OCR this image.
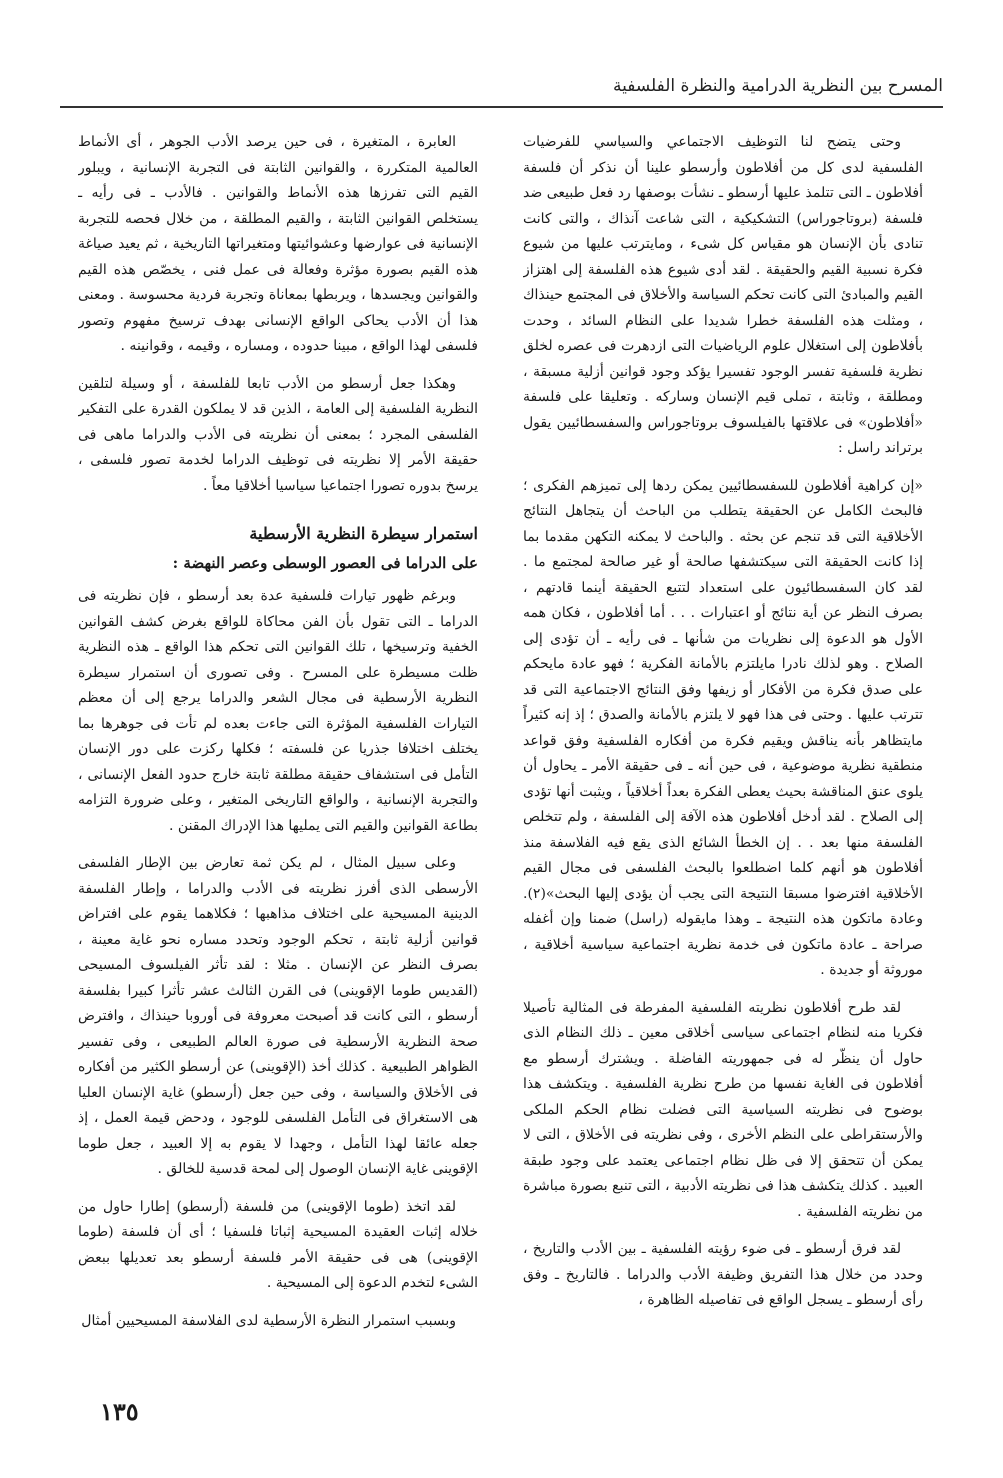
المسرح بين النظرية الدرامية والنظرة الفلسفية

وحتى يتضح لنا التوظيف الاجتماعي والسياسي للفرضيات الفلسفية لدى كل من أفلاطون وأرسطو علينا أن نذكر أن فلسفة أفلاطون ـ التى تتلمذ عليها أرسطو ـ نشأت بوصفها رد فعل طبيعى ضد فلسفة (بروتاجوراس) التشكيكية ، التى شاعت آنذاك ، والتى كانت تنادى بأن الإنسان هو مقياس كل شىء ، ومايترتب عليها من شيوع فكرة نسبية القيم والحقيقة . لقد أدى شيوع هذه الفلسفة إلى اهتزاز القيم والمبادئ التى كانت تحكم السياسة والأخلاق فى المجتمع حينذاك ، ومثلت هذه الفلسفة خطرا شديدا على النظام السائد ، وحدت بأفلاطون إلى استغلال علوم الرياضيات التى ازدهرت فى عصره لخلق نظرية فلسفية تفسر الوجود تفسيرا يؤكد وجود قوانين أزلية مسبقة ، ومطلقة ، وثابتة ، تملى قيم الإنسان وساركه . وتعليقا على فلسفة «أفلاطون» فى علاقتها بالفيلسوف بروتاجوراس والسفسطائيين يقول برتراند راسل :

«إن كراهية أفلاطون للسفسطائيين يمكن ردها إلى تميزهم الفكرى ؛ فالبحث الكامل عن الحقيقة يتطلب من الباحث أن يتجاهل النتائج الأخلاقية التى قد تنجم عن بحثه . والباحث لا يمكنه التكهن مقدما بما إذا كانت الحقيقة التى سيكتشفها صالحة أو غير صالحة لمجتمع ما . لقد كان السفسطائيون على استعداد لتتبع الحقيقة أينما قادتهم ، بصرف النظر عن أية نتائج أو اعتبارات . . . أما أفلاطون ، فكان همه الأول هو الدعوة إلى نظريات من شأنها ـ فى رأيه ـ أن تؤدى إلى الصلاح . وهو لذلك نادرا مايلتزم بالأمانة الفكرية ؛ فهو عادة مايحكم على صدق فكرة من الأفكار أو زيفها وفق النتائج الاجتماعية التى قد تترتب عليها . وحتى فى هذا فهو لا يلتزم بالأمانة والصدق ؛ إذ إنه كثيراً مايتظاهر بأنه يناقش ويقيم فكرة من أفكاره الفلسفية وفق قواعد منطقية نظرية موضوعية ، فى حين أنه ـ فى حقيقة الأمر ـ يحاول أن يلوى عنق المناقشة بحيث يعطى الفكرة بعداً أخلاقياً ، ويثبت أنها تؤدى إلى الصلاح . لقد أدخل أفلاطون هذه الآفة إلى الفلسفة ، ولم تتخلص الفلسفة منها بعد . . إن الخطأ الشائع الذى يقع فيه الفلاسفة منذ أفلاطون هو أنهم كلما اضطلعوا بالبحث الفلسفى فى مجال القيم الأخلاقية افترضوا مسبقا النتيجة التى يجب أن يؤدى إليها البحث»(٢). وعادة ماتكون هذه النتيجة ـ وهذا مايقوله (راسل) ضمنا وإن أغفله صراحة ـ عادة ماتكون فى خدمة نظرية اجتماعية سياسية أخلاقية ، موروثة أو جديدة .

لقد طرح أفلاطون نظريته الفلسفية المفرطة فى المثالية تأصيلا فكريا منه لنظام اجتماعى سياسى أخلاقى معين ـ ذلك النظام الذى حاول أن ينظّر له فى جمهوريته الفاضلة . ويشترك أرسطو مع أفلاطون فى الغاية نفسها من طرح نظرية الفلسفية . ويتكشف هذا بوضوح فى نظريته السياسية التى فضلت نظام الحكم الملكى والأرستقراطى على النظم الأخرى ، وفى نظريته فى الأخلاق ، التى لا يمكن أن تتحقق إلا فى ظل نظام اجتماعى يعتمد على وجود طبقة العبيد . كذلك يتكشف هذا فى نظريته الأدبية ، التى تنبع بصورة مباشرة من نظريته الفلسفية .

لقد فرق أرسطو ـ فى ضوء رؤيته الفلسفية ـ بين الأدب والتاريخ ، وحدد من خلال هذا التفريق وظيفة الأدب والدراما . فالتاريخ ـ وفق رأى أرسطو ـ يسجل الواقع فى تفاصيله الظاهرة ،

العابرة ، المتغيرة ، فى حين يرصد الأدب الجوهر ، أى الأنماط العالمية المتكررة ، والقوانين الثابتة فى التجربة الإنسانية ، ويبلور القيم التى تفرزها هذه الأنماط والقوانين . فالأدب ـ فى رأيه ـ يستخلص القوانين الثابتة ، والقيم المطلقة ، من خلال فحصه للتجربة الإنسانية فى عوارضها وعشوائيتها ومتغيراتها التاريخية ، ثم يعيد صياغة هذه القيم بصورة مؤثرة وفعالة فى عمل فنى ، يخصّص هذه القيم والقوانين ويجسدها ، ويربطها بمعاناة وتجربة فردية محسوسة . ومعنى هذا أن الأدب يحاكى الواقع الإنسانى بهدف ترسيخ مفهوم وتصور فلسفى لهذا الواقع ، مبينا حدوده ، ومساره ، وقيمه ، وقوانينه .

وهكذا جعل أرسطو من الأدب تابعا للفلسفة ، أو وسيلة لتلقين النظرية الفلسفية إلى العامة ، الذين قد لا يملكون القدرة على التفكير الفلسفى المجرد ؛ بمعنى أن نظريته فى الأدب والدراما ماهى فى حقيقة الأمر إلا نظريته فى توظيف الدراما لخدمة تصور فلسفى ، يرسخ بدوره تصورا اجتماعيا سياسيا أخلاقيا معاً .

استمرار سيطرة النظرية الأرسطية
على الدراما فى العصور الوسطى وعصر النهضة :

وبرغم ظهور تيارات فلسفية عدة بعد أرسطو ، فإن نظريته فى الدراما ـ التى تقول بأن الفن محاكاة للواقع بغرض كشف القوانين الخفية وترسيخها ، تلك القوانين التى تحكم هذا الواقع ـ هذه النظرية ظلت مسيطرة على المسرح . وفى تصورى أن استمرار سيطرة النظرية الأرسطية فى مجال الشعر والدراما يرجع إلى أن معظم التيارات الفلسفية المؤثرة التى جاءت بعده لم تأت فى جوهرها بما يختلف اختلافا جذريا عن فلسفته ؛ فكلها ركزت على دور الإنسان التأمل فى استشفاف حقيقة مطلقة ثابتة خارج حدود الفعل الإنسانى ، والتجربة الإنسانية ، والواقع التاريخى المتغير ، وعلى ضرورة التزامه بطاعة القوانين والقيم التى يمليها هذا الإدراك المقنن .

وعلى سبيل المثال ، لم يكن ثمة تعارض بين الإطار الفلسفى الأرسطى الذى أفرز نظريته فى الأدب والدراما ، وإطار الفلسفة الدينية المسيحية على اختلاف مذاهبها ؛ فكلاهما يقوم على افتراض قوانين أزلية ثابتة ، تحكم الوجود وتحدد مساره نحو غاية معينة ، بصرف النظر عن الإنسان . مثلا : لقد تأثر الفيلسوف المسيحى (القديس طوما الإقوينى) فى القرن الثالث عشر تأثرا كبيرا بفلسفة أرسطو ، التى كانت قد أصبحت معروفة فى أوروبا حينذاك ، وافترض صحة النظرية الأرسطية فى صورة العالم الطبيعى ، وفى تفسير الظواهر الطبيعية . كذلك أخذ (الإقوينى) عن أرسطو الكثير من أفكاره فى الأخلاق والسياسة ، وفى حين جعل (أرسطو) غاية الإنسان العليا هى الاستغراق فى التأمل الفلسفى للوجود ، ودحض قيمة العمل ، إذ جعله عائقا لهذا التأمل ، وجهدا لا يقوم به إلا العبيد ، جعل طوما الإقوينى غاية الإنسان الوصول إلى لمحة قدسية للخالق .

لقد اتخذ (طوما الإقوينى) من فلسفة (أرسطو) إطارا حاول من خلاله إثبات العقيدة المسيحية إثباتا فلسفيا ؛ أى أن فلسفة (طوما الإقوينى) هى فى حقيقة الأمر فلسفة أرسطو بعد تعديلها ببعض الشىء لتخدم الدعوة إلى المسيحية .

وبسبب استمرار النظرة الأرسطية لدى الفلاسفة المسيحيين أمثال

١٣٥
